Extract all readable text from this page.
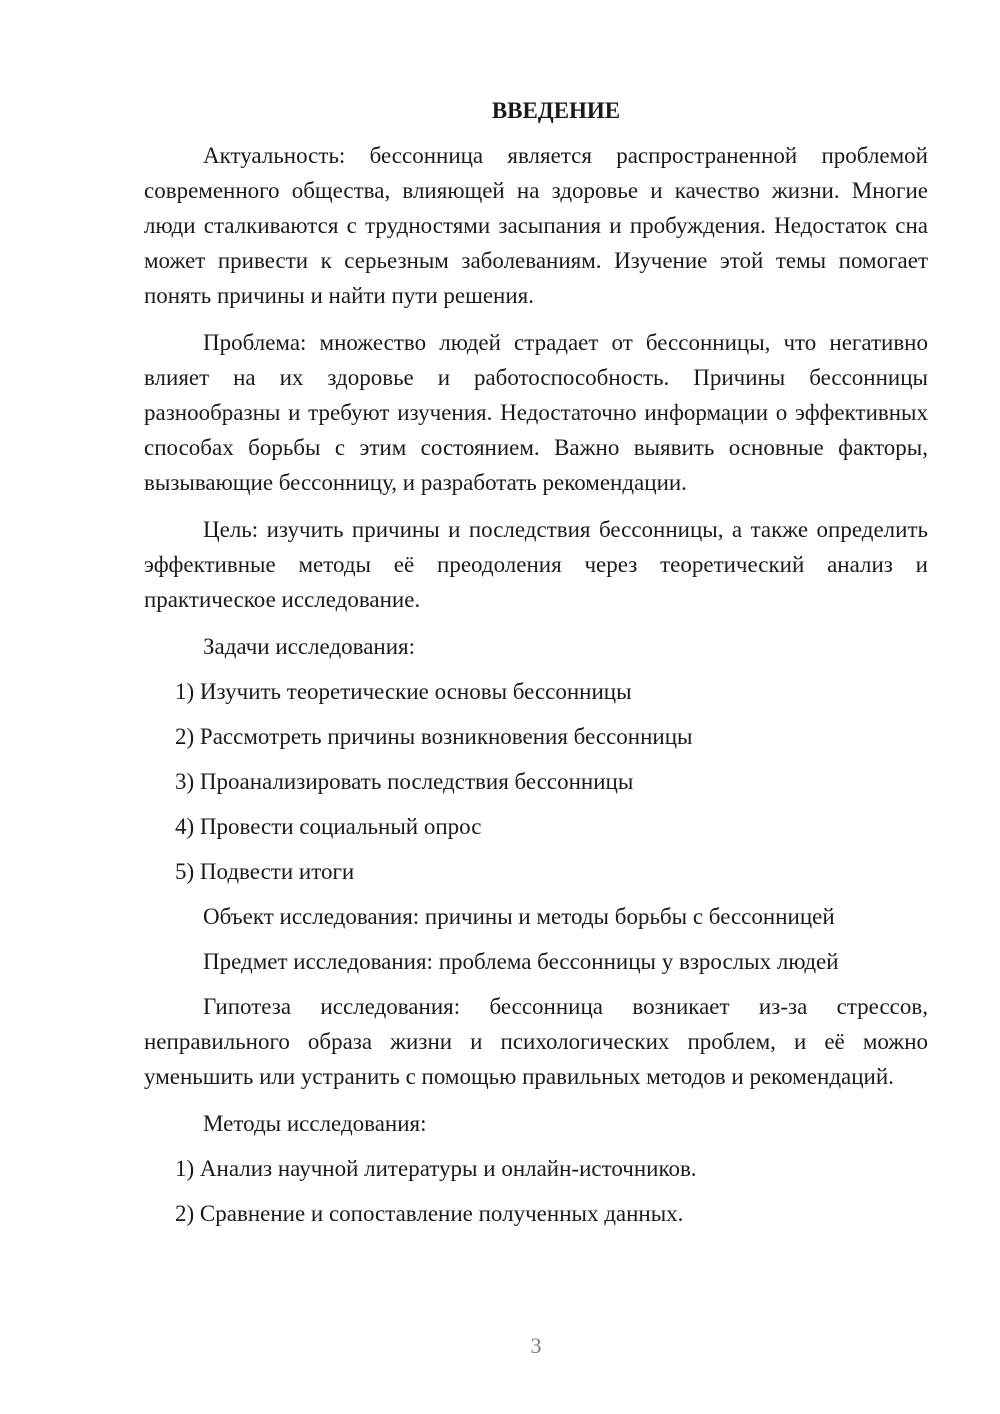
ВВЕДЕНИЕ

Актуальность: бессонница является распространенной проблемой современного общества, влияющей на здоровье и качество жизни. Многие люди сталкиваются с трудностями засыпания и пробуждения. Недостаток сна может привести к серьезным заболеваниям. Изучение этой темы помогает понять причины и найти пути решения.

Проблема: множество людей страдает от бессонницы, что негативно влияет на их здоровье и работоспособность. Причины бессонницы разнообразны и требуют изучения. Недостаточно информации о эффективных способах борьбы с этим состоянием. Важно выявить основные факторы, вызывающие бессонницу, и разработать рекомендации.

Цель: изучить причины и последствия бессонницы, а также определить эффективные методы её преодоления через теоретический анализ и практическое исследование.

Задачи исследования:

1) Изучить теоретические основы бессонницы
2) Рассмотреть причины возникновения бессонницы
3) Проанализировать последствия бессонницы
4) Провести социальный опрос
5) Подвести итоги

Объект исследования: причины и методы борьбы с бессонницей

Предмет исследования: проблема бессонницы у взрослых людей

Гипотеза исследования: бессонница возникает из-за стрессов, неправильного образа жизни и психологических проблем, и её можно уменьшить или устранить с помощью правильных методов и рекомендаций.

Методы исследования:

1) Анализ научной литературы и онлайн-источников.
2) Сравнение и сопоставление полученных данных.
3
